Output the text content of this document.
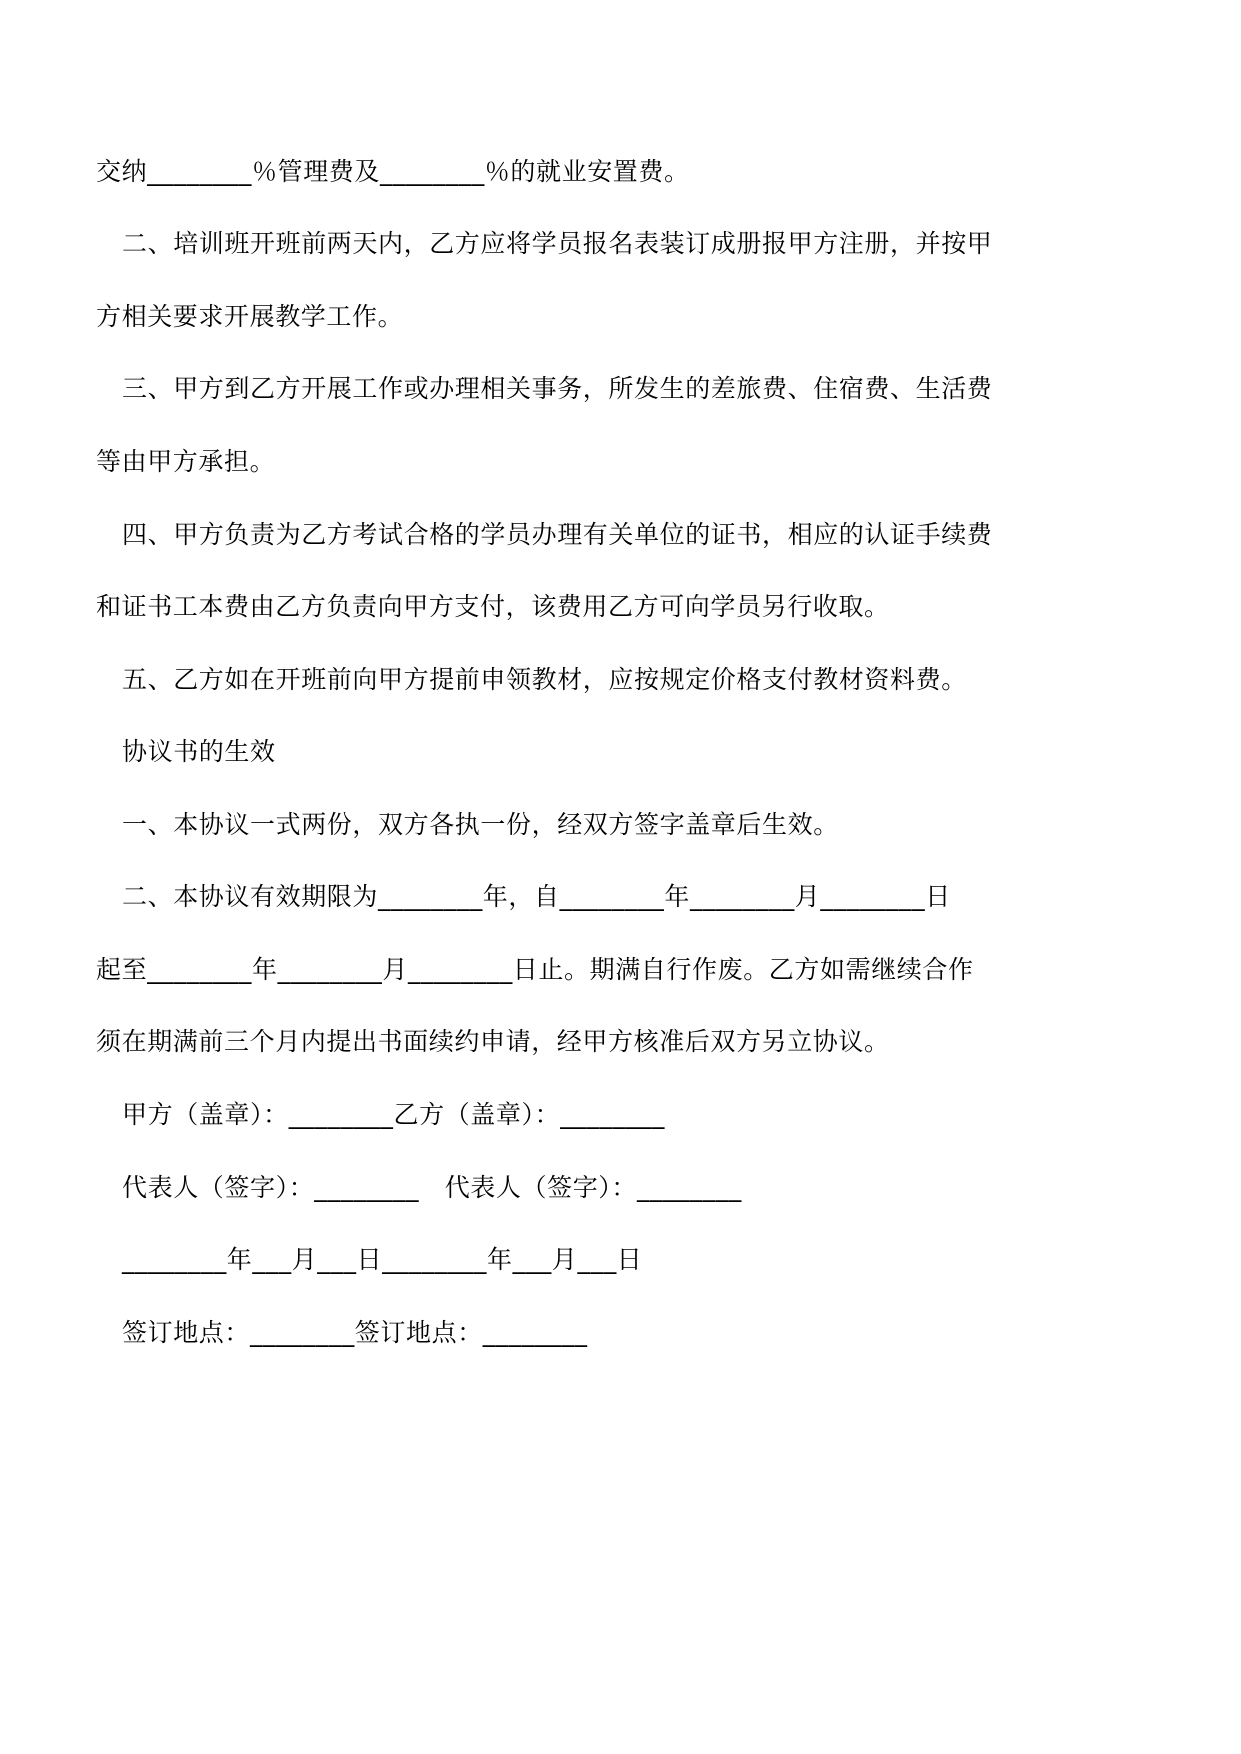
交纳________％管理费及________％的就业安置费。
二、培训班开班前两天内，乙方应将学员报名表装订成册报甲方注册，并按甲
方相关要求开展教学工作。
三、甲方到乙方开展工作或办理相关事务，所发生的差旅费、住宿费、生活费
等由甲方承担。
四、甲方负责为乙方考试合格的学员办理有关单位的证书，相应的认证手续费
和证书工本费由乙方负责向甲方支付，该费用乙方可向学员另行收取。
五、乙方如在开班前向甲方提前申领教材，应按规定价格支付教材资料费。
协议书的生效
一、本协议一式两份，双方各执一份，经双方签字盖章后生效。
二、本协议有效期限为________年，自________年________月________日
起至________年________月________日止。期满自行作废。乙方如需继续合作
须在期满前三个月内提出书面续约申请，经甲方核准后双方另立协议。
甲方（盖章）：________乙方（盖章）：________
代表人（签字）：________　代表人（签字）：________
________年___月___日________年___月___日
签订地点：________签订地点：________
